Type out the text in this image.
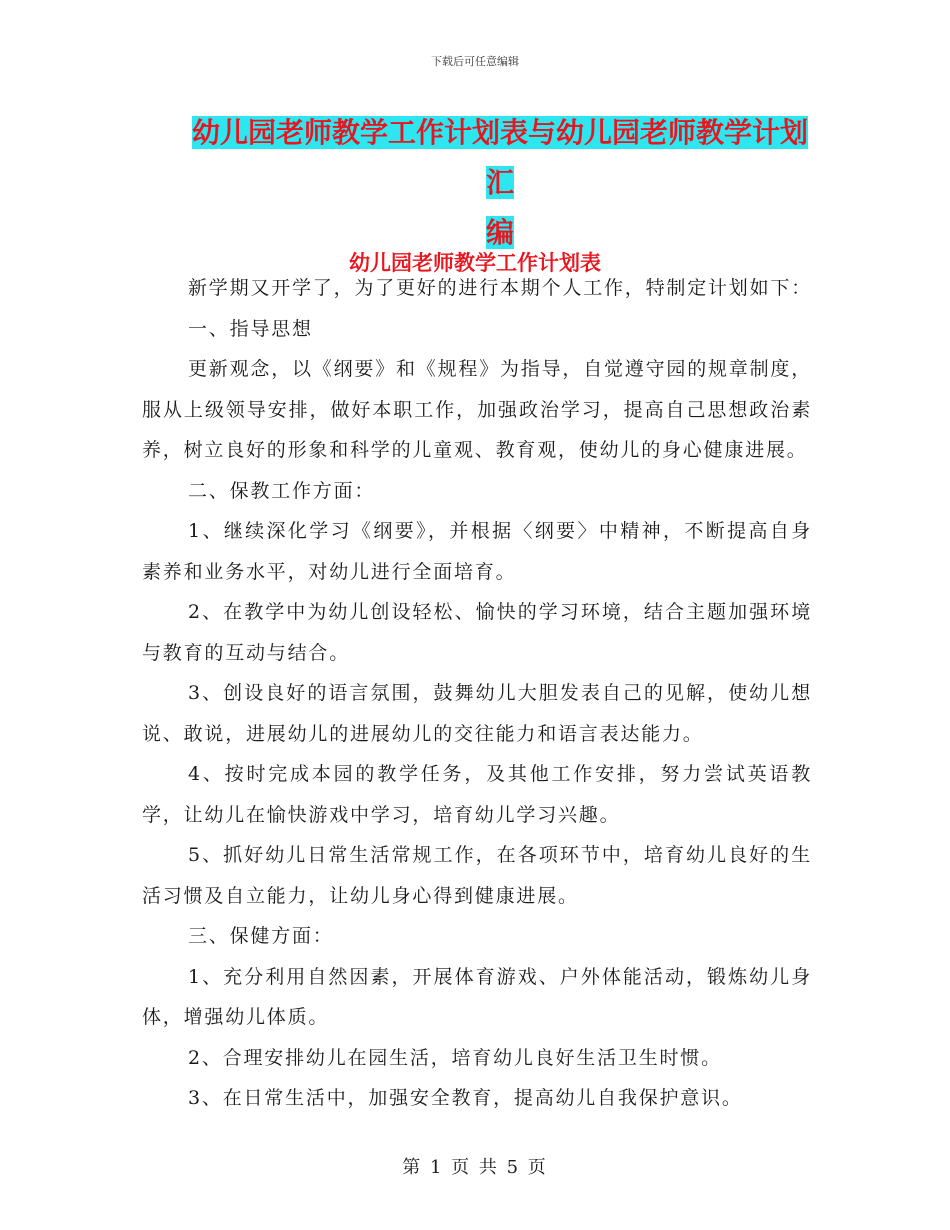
下载后可任意编辑
幼儿园老师教学工作计划表与幼儿园老师教学计划汇
编
幼儿园老师教学工作计划表

新学期又开学了，为了更好的进行本期个人工作，特制定计划如下：

一、指导思想

更新观念，以《纲要》和《规程》为指导，自觉遵守园的规章制度，服从上级领导安排，做好本职工作，加强政治学习，提高自己思想政治素养，树立良好的形象和科学的儿童观、教育观，使幼儿的身心健康进展。

二、保教工作方面：

1、继续深化学习《纲要》，并根据〈纲要〉中精神，不断提高自身素养和业务水平，对幼儿进行全面培育。

2、在教学中为幼儿创设轻松、愉快的学习环境，结合主题加强环境与教育的互动与结合。

3、创设良好的语言氛围，鼓舞幼儿大胆发表自己的见解，使幼儿想说、敢说，进展幼儿的进展幼儿的交往能力和语言表达能力。

4、按时完成本园的教学任务，及其他工作安排，努力尝试英语教学，让幼儿在愉快游戏中学习，培育幼儿学习兴趣。

5、抓好幼儿日常生活常规工作，在各项环节中，培育幼儿良好的生活习惯及自立能力，让幼儿身心得到健康进展。

三、保健方面：

1、充分利用自然因素，开展体育游戏、户外体能活动，锻炼幼儿身体，增强幼儿体质。

2、合理安排幼儿在园生活，培育幼儿良好生活卫生时惯。

3、在日常生活中，加强安全教育，提高幼儿自我保护意识。

第 1 页 共 5 页
